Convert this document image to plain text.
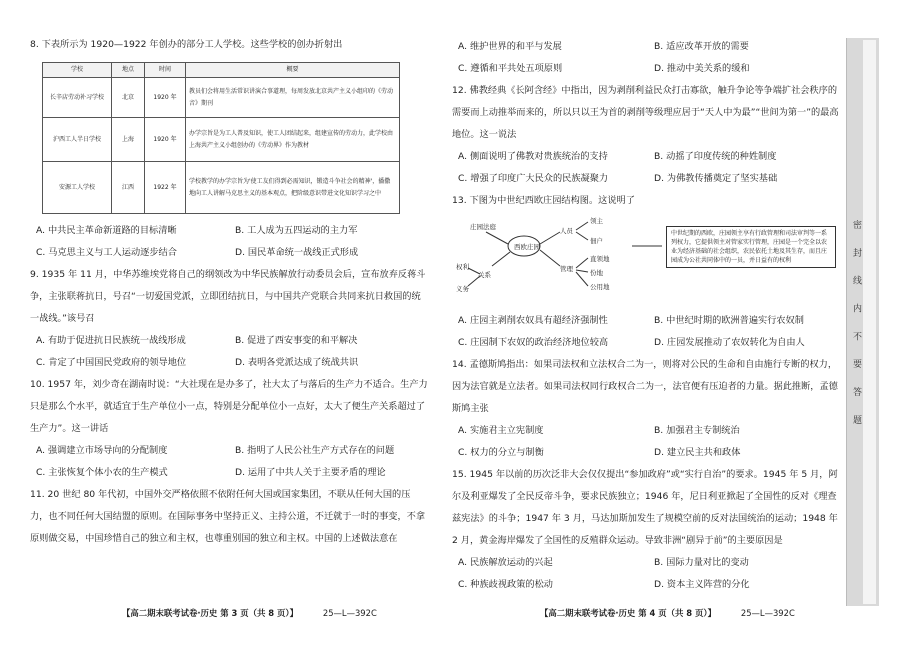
8. 下表所示为 1920—1922 年创办的部分工人学校。这些学校的创办折射出

学校	地点	时间	概要
长辛店劳动补习学校	北京	1920 年	教员们会将用生活常识讲演合事道理，每周发放北京共产主义小组印的《劳动音》期刊
沪西工人半日学校	上海	1920 年	办学宗旨是为工人普及知识，使工人团结起来，组建宣传的劳动力，此学校由上海共产主义小组创办的《劳动界》作为教材
安源工人学校	江西	1922 年	学校教学的办学宗旨为'使工友们得到必需知识，锻造斗争社会的精神'，播撒地向工人讲解马克思主义的基本观点，把阶级意识带进文化知识学习之中
A. 中共民主革命新道路的目标清晰	B. 工人成为五四运动的主力军
C. 马克思主义与工人运动逐步结合	D. 国民革命统一战线正式形成

9. 1935 年 11 月，中华苏维埃党将自己的纲领改为中华民族解放行动委员会后，宣布放弃反蒋斗争，主张联蒋抗日，号召“一切爱国党派，立即团结抗日，与中国共产党联合共同来抗日救国的统一战线。”该号召

A. 有助于促进抗日民族统一战线形成	B. 促进了西安事变的和平解决
C. 肯定了中国国民党政府的领导地位	D. 表明各党派达成了统战共识

10. 1957 年，刘少奇在湖南时说：“大社现在是办多了，社大太了与落后的生产力不适合。生产力只是那么个水平，就适宜于生产单位小一点，特别是分配单位小一点好，太大了便生产关系超过了生产力”。这一讲话

A. 强调建立市场导向的分配制度	B. 指明了人民公社生产方式存在的问题
C. 主张恢复个体小农的生产模式	D. 运用了中共人关于主要矛盾的理论

11. 20 世纪 80 年代初，中国外交严格依照不依附任何大国或国家集团，不联从任何大国的压力，也不同任何大国结盟的原则。在国际事务中坚持正义、主持公道，不迁就于一时的事变，不拿原则做交易，中国珍惜自己的独立和主权，也尊重别国的独立和主权。中国的上述做法意在

【高二期末联考试卷·历史 第 3 页（共 8 页）】	25—L—392C
A. 维护世界的和平与发展	B. 适应改革开放的需要
C. 遵循和平共处五项原则	D. 推动中美关系的缓和

12. 佛教经典《长阿含经》中指出，因为剥削利益民众打击寡欲，触升争论等争端扩社会秩序的需要而上动推举而来的，所以只以王为首的剥削等级理应居于“天人中为最”“世间为第一”的最高地位。这一说法

A. 侧面说明了佛教对贵族统治的支持	B. 动摇了印度传统的种姓制度
C. 增强了印度广大民众的民族凝聚力	D. 为佛教传播奠定了坚实基础

13. 下图为中世纪西欧庄园结构图。这说明了

西欧庄园
庄园法庭
关系
权利
义务
人员
领主
佃户
管理
直领地
份地
公用地
中世纪期的西欧，庄园领主享有行政管理和司法审判等一系列权力，它提供领主对管家实行管理，庄园是一个完全以农业为经济基础的社会组织，农民依托土地及其生存，而且庄园成为公社共同体中的一员，并日益有的权利
A. 庄园主剥削农奴具有超经济强制性	B. 中世纪时期的欧洲普遍实行农奴制
C. 庄园制下农奴的政治经济地位较高	D. 庄园发展推动了农奴转化为自由人

14. 孟德斯鸠指出：如果司法权和立法权合二为一，则将对公民的生命和自由施行专断的权力，因为法官就是立法者。如果司法权同行政权合二为一，法官便有压迫者的力量。据此推断，孟德斯鸠主张

A. 实施君主立宪制度	B. 加强君主专制统治
C. 权力的分立与制衡	D. 建立民主共和政体

15. 1945 年以前的历次泛非大会仅仅提出“参加政府”或“实行自治”的要求。1945 年 5 月，阿尔及利亚爆发了全民反帝斗争，要求民族独立；1946 年，尼日利亚掀起了全国性的反对《理查兹宪法》的斗争；1947 年 3 月，马达加斯加发生了规模空前的反对法国统治的运动；1948 年 2 月，黄金海岸爆发了全国性的反殖群众运动。导致非洲“剧异于前”的主要原因是

A. 民族解放运动的兴起	B. 国际力量对比的变动
C. 种族歧视政策的松动	D. 资本主义阵营的分化
【高二期末联考试卷·历史 第 4 页（共 8 页）】	25—L—392C
密 封 线 内 不 要 答 题
